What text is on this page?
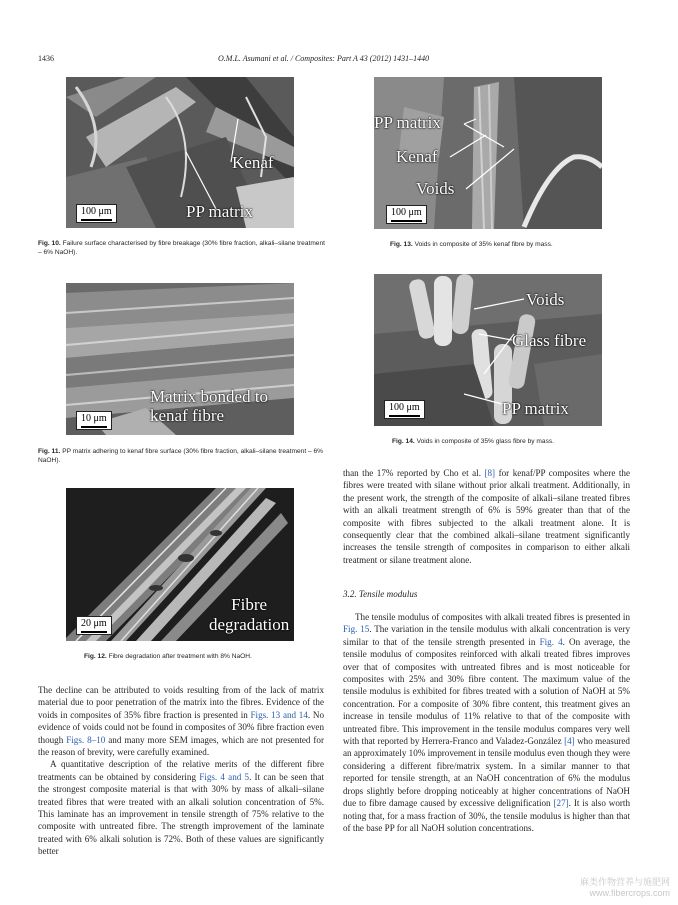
1436	O.M.L. Asumani et al. / Composites: Part A 43 (2012) 1431–1440
Kenaf
PP matrix
100 μm
Fig. 10. Failure surface characterised by fibre breakage (30% fibre fraction, alkali–silane treatment – 6% NaOH).
Matrix bonded to
kenaf fibre
10 μm
Fig. 11. PP matrix adhering to kenaf fibre surface (30% fibre fraction, alkali–silane treatment – 6% NaOH).
Fibre
degradation
20 μm
Fig. 12. Fibre degradation after treatment with 8% NaOH.
PP matrix
Kenaf
Voids
100 μm
Fig. 13. Voids in composite of 35% kenaf fibre by mass.
Voids
Glass fibre
PP matrix
100 μm
Fig. 14. Voids in composite of 35% glass fibre by mass.

The decline can be attributed to voids resulting from of the lack of matrix material due to poor penetration of the matrix into the fibres. Evidence of the voids in composites of 35% fibre fraction is presented in Figs. 13 and 14. No evidence of voids could not be found in composites of 30% fibre fraction even though Figs. 8–10 and many more SEM images, which are not presented for the reason of brevity, were carefully examined.

A quantitative description of the relative merits of the different fibre treatments can be obtained by considering Figs. 4 and 5. It can be seen that the strongest composite material is that with 30% by mass of alkali–silane treated fibres that were treated with an alkali solution concentration of 5%. This laminate has an improvement in tensile strength of 75% relative to the composite with untreated fibre. The strength improvement of the laminate treated with 6% alkali solution is 72%. Both of these values are significantly better

than the 17% reported by Cho et al. [8] for kenaf/PP composites where the fibres were treated with silane without prior alkali treatment. Additionally, in the present work, the strength of the composite of alkali–silane treated fibres with an alkali treatment strength of 6% is 59% greater than that of the composite with fibres subjected to the alkali treatment alone. It is consequently clear that the combined alkali–silane treatment significantly increases the tensile strength of composites in comparison to either alkali treatment or silane treatment alone.

3.2. Tensile modulus

The tensile modulus of composites with alkali treated fibres is presented in Fig. 15. The variation in the tensile modulus with alkali concentration is very similar to that of the tensile strength presented in Fig. 4. On average, the tensile modulus of composites reinforced with alkali treated fibres improves over that of composites with untreated fibres and is most noticeable for composites with 25% and 30% fibre content. The maximum value of the tensile modulus is exhibited for fibres treated with a solution of NaOH at 5% concentration. For a composite of 30% fibre content, this treatment gives an increase in tensile modulus of 11% relative to that of the composite with untreated fibre. This improvement in the tensile modulus compares very well with that reported by Herrera-Franco and Valadez-González [4] who measured an approximately 10% improvement in tensile modulus even though they were considering a different fibre/matrix system. In a similar manner to that reported for tensile strength, at an NaOH concentration of 6% the modulus drops slightly before dropping noticeably at higher concentrations of NaOH due to fibre damage caused by excessive delignification [27]. It is also worth noting that, for a mass fraction of 30%, the tensile modulus is higher than that of the base PP for all NaOH solution concentrations.

麻类作物营养与施肥网
www.fibercrops.com
